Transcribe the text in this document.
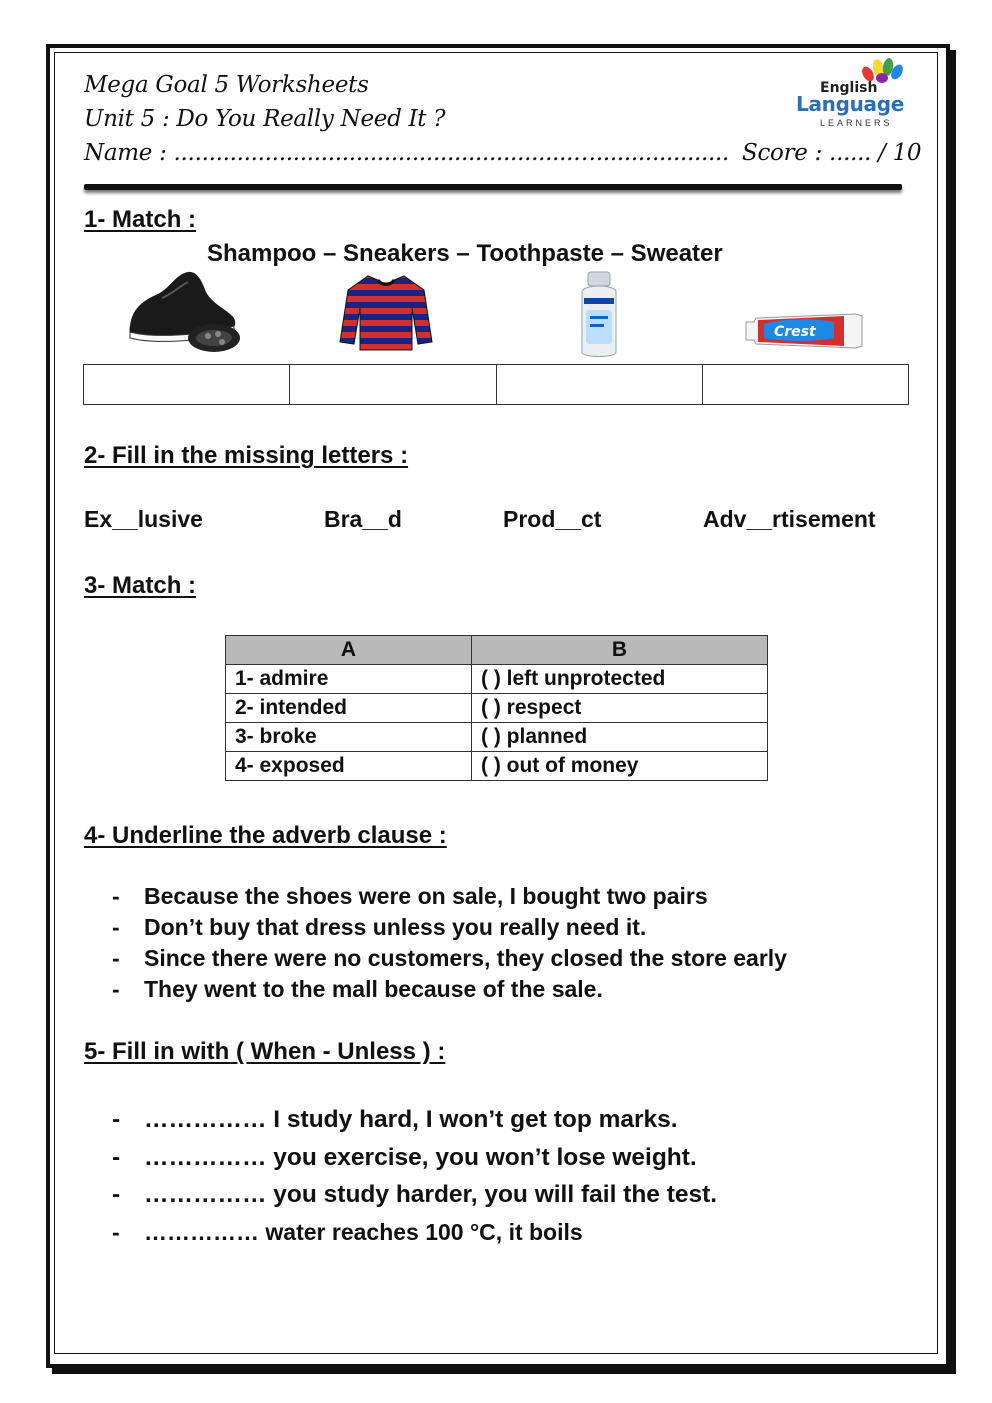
Mega Goal 5 Worksheets
Unit 5 : Do You Really Need It ?
Name : .........................................................…................... Score : ...... / 10
English
Language
LEARNERS
1- Match :
Shampoo – Sneakers – Toothpaste – Sweater
Crest

2- Fill in the missing letters :
Ex__lusive	Bra__d	Prod__ct	Adv__rtisement
3- Match :
A	B
1- admire	( ) left unprotected
2- intended	( ) respect
3- broke	( ) planned
4- exposed	( ) out of money
4- Underline the adverb clause :
- Because the shoes were on sale, I bought two pairs
- Don’t buy that dress unless you really need it.
- Since there were no customers, they closed the store early
- They went to the mall because of the sale.
5- Fill in with ( When - Unless ) :
- …………… I study hard, I won’t get top marks.
- …………… you exercise, you won’t lose weight.
- …………… you study harder, you will fail the test.
- …………… water reaches 100 °C, it boils
